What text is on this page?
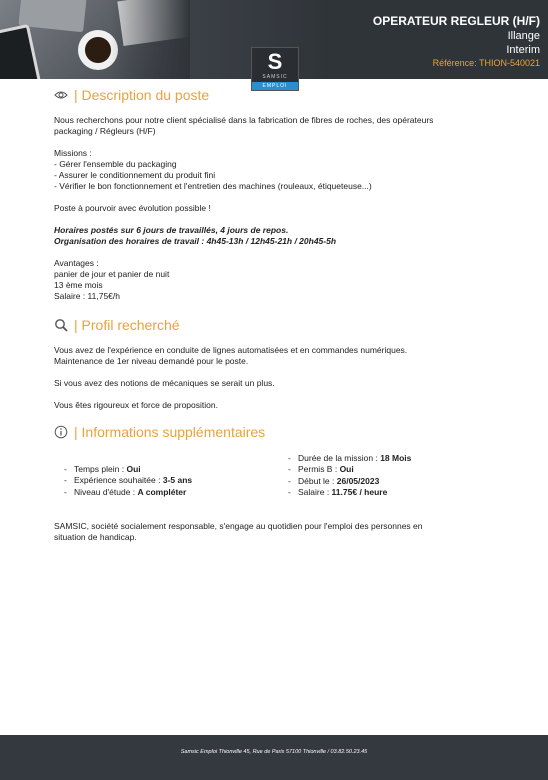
OPERATEUR REGLEUR (H/F)
Illange
Interim
Référence: THION-540021
S
SAMSIC
EMPLOI
| Description du poste

Nous recherchons pour notre client spécialisé dans la fabrication de fibres de roches, des opérateurs

packaging / Régleurs (H/F)

Missions :

- Gérer l'ensemble du packaging

- Assurer le conditionnement du produit fini

- Vérifier le bon fonctionnement et l'entretien des machines (rouleaux, étiqueteuse...)

Poste à pourvoir avec évolution possible !

Horaires postés sur 6 jours de travaillés, 4 jours de repos.

Organisation des horaires de travail : 4h45-13h / 12h45-21h / 20h45-5h

Avantages :

panier de jour et panier de nuit

13 ème mois

Salaire : 11,75€/h

| Profil recherché

Vous avez de l'expérience en conduite de lignes automatisées et en commandes numériques.

Maintenance de 1er niveau demandé pour le poste.

Si vous avez des notions de mécaniques se serait un plus.

Vous êtes rigoureux et force de proposition.

| Informations supplémentaires
- Temps plein : Oui
- Expérience souhaitée : 3-5 ans
- Niveau d'étude : A compléter
- Durée de la mission : 18 Mois
- Permis B : Oui
- Début le : 26/05/2023
- Salaire : 11.75€ / heure

SAMSIC, société socialement responsable, s'engage au quotidien pour l'emploi des personnes en

situation de handicap.

Samsic Emploi Thionville 45, Rue de Paris 57100 Thionville / 03.82.50.23.45
